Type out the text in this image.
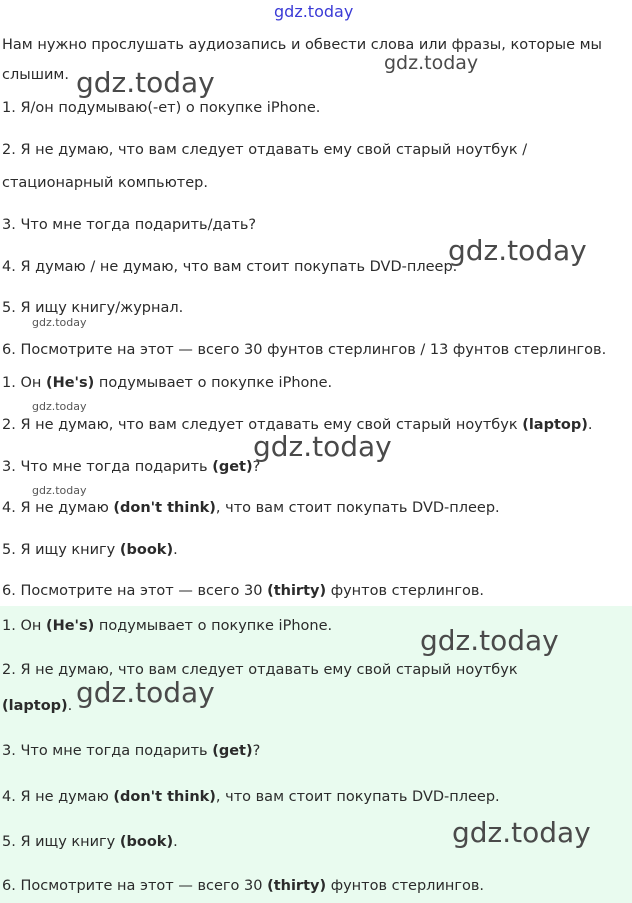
gdz.today

Нам нужно прослушать аудиозапись и обвести слова или фразы, которые мы

слышим.

1. Я/он подумываю(-ет) о покупке iPhone.

2. Я не думаю, что вам следует отдавать ему свой старый ноутбук /

стационарный компьютер.

3. Что мне тогда подарить/дать?

4. Я думаю / не думаю, что вам стоит покупать DVD-плеер.

5. Я ищу книгу/журнал.

6. Посмотрите на этот — всего 30 фунтов стерлингов / 13 фунтов стерлингов.

1. Он (He's) подумывает о покупке iPhone.

2. Я не думаю, что вам следует отдавать ему свой старый ноутбук (laptop).

3. Что мне тогда подарить (get)?

4. Я не думаю (don't think), что вам стоит покупать DVD-плеер.

5. Я ищу книгу (book).

6. Посмотрите на этот — всего 30 (thirty) фунтов стерлингов.

1. Он (He's) подумывает о покупке iPhone.

2. Я не думаю, что вам следует отдавать ему свой старый ноутбук

(laptop).

3. Что мне тогда подарить (get)?

4. Я не думаю (don't think), что вам стоит покупать DVD-плеер.

5. Я ищу книгу (book).

6. Посмотрите на этот — всего 30 (thirty) фунтов стерлингов.

gdz.today
gdz.today
gdz.today
gdz.today
gdz.today
gdz.today
gdz.today
gdz.today
gdz.today
gdz.today
